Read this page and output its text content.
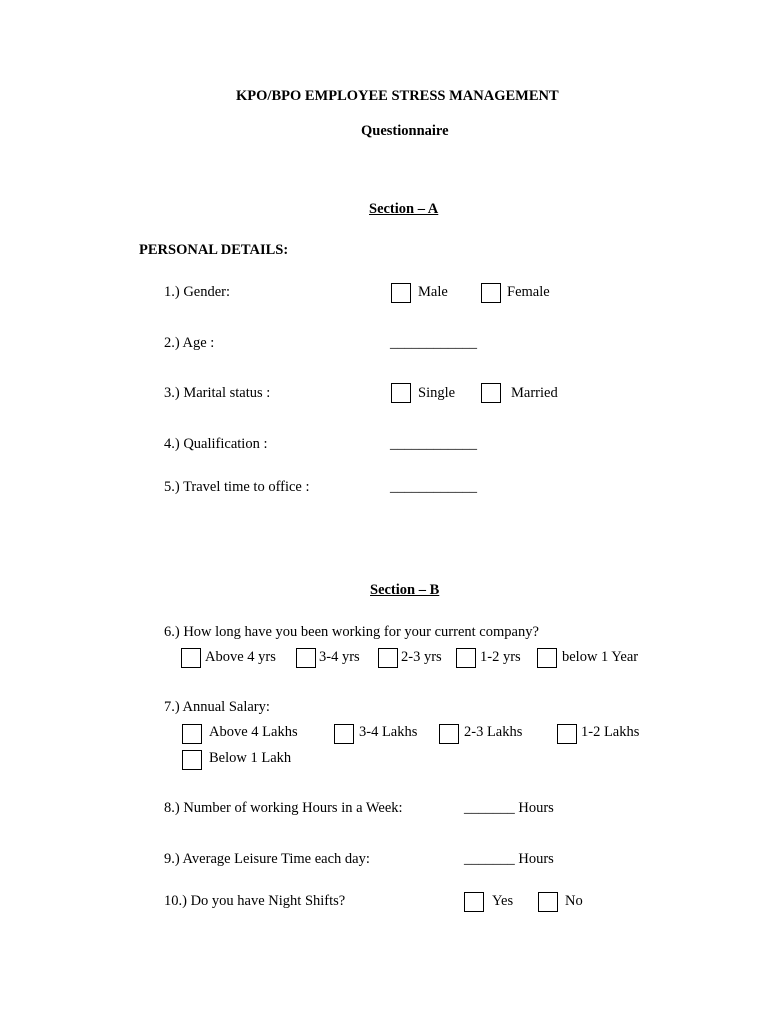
KPO/BPO EMPLOYEE STRESS MANAGEMENT
Questionnaire
Section – A
PERSONAL DETAILS:
1.) Gender:	Male	Female
2.) Age :	____________
3.) Marital status :	Single	Married
4.) Qualification :	____________
5.) Travel time to office :	____________
Section – B
6.) How long have you been working for your current company?
Above 4 yrs	3-4 yrs	2-3 yrs	1-2 yrs	below 1 Year
7.) Annual Salary:
Above 4 Lakhs	3-4 Lakhs	2-3 Lakhs	1-2 Lakhs
Below 1 Lakh
8.) Number of working Hours in a Week:	_______ Hours
9.) Average Leisure Time each day:	_______ Hours
10.) Do you have Night Shifts?	Yes	No
